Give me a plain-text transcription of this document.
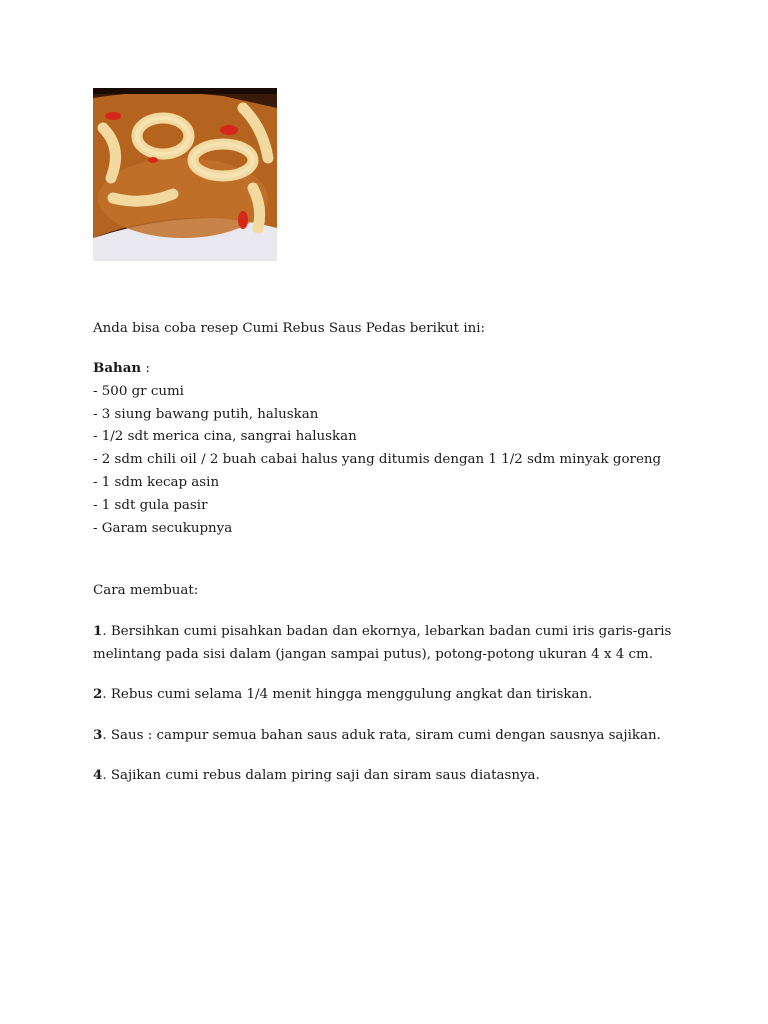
Anda bisa coba resep Cumi Rebus Saus Pedas berikut ini:
Bahan :
- 500 gr cumi
- 3 siung bawang putih, haluskan
- 1/2 sdt merica cina, sangrai haluskan
- 2 sdm chili oil / 2 buah cabai halus yang ditumis dengan 1 1/2 sdm minyak goreng
- 1 sdm kecap asin
- 1 sdt gula pasir
- Garam secukupnya
Cara membuat:
1. Bersihkan cumi pisahkan badan dan ekornya, lebarkan badan cumi iris garis-garis melintang pada sisi dalam (jangan sampai putus), potong-potong ukuran 4 x 4 cm.
2. Rebus cumi selama 1/4 menit hingga menggulung angkat dan tiriskan.
3. Saus : campur semua bahan saus aduk rata, siram cumi dengan sausnya sajikan.
4. Sajikan cumi rebus dalam piring saji dan siram saus diatasnya.
